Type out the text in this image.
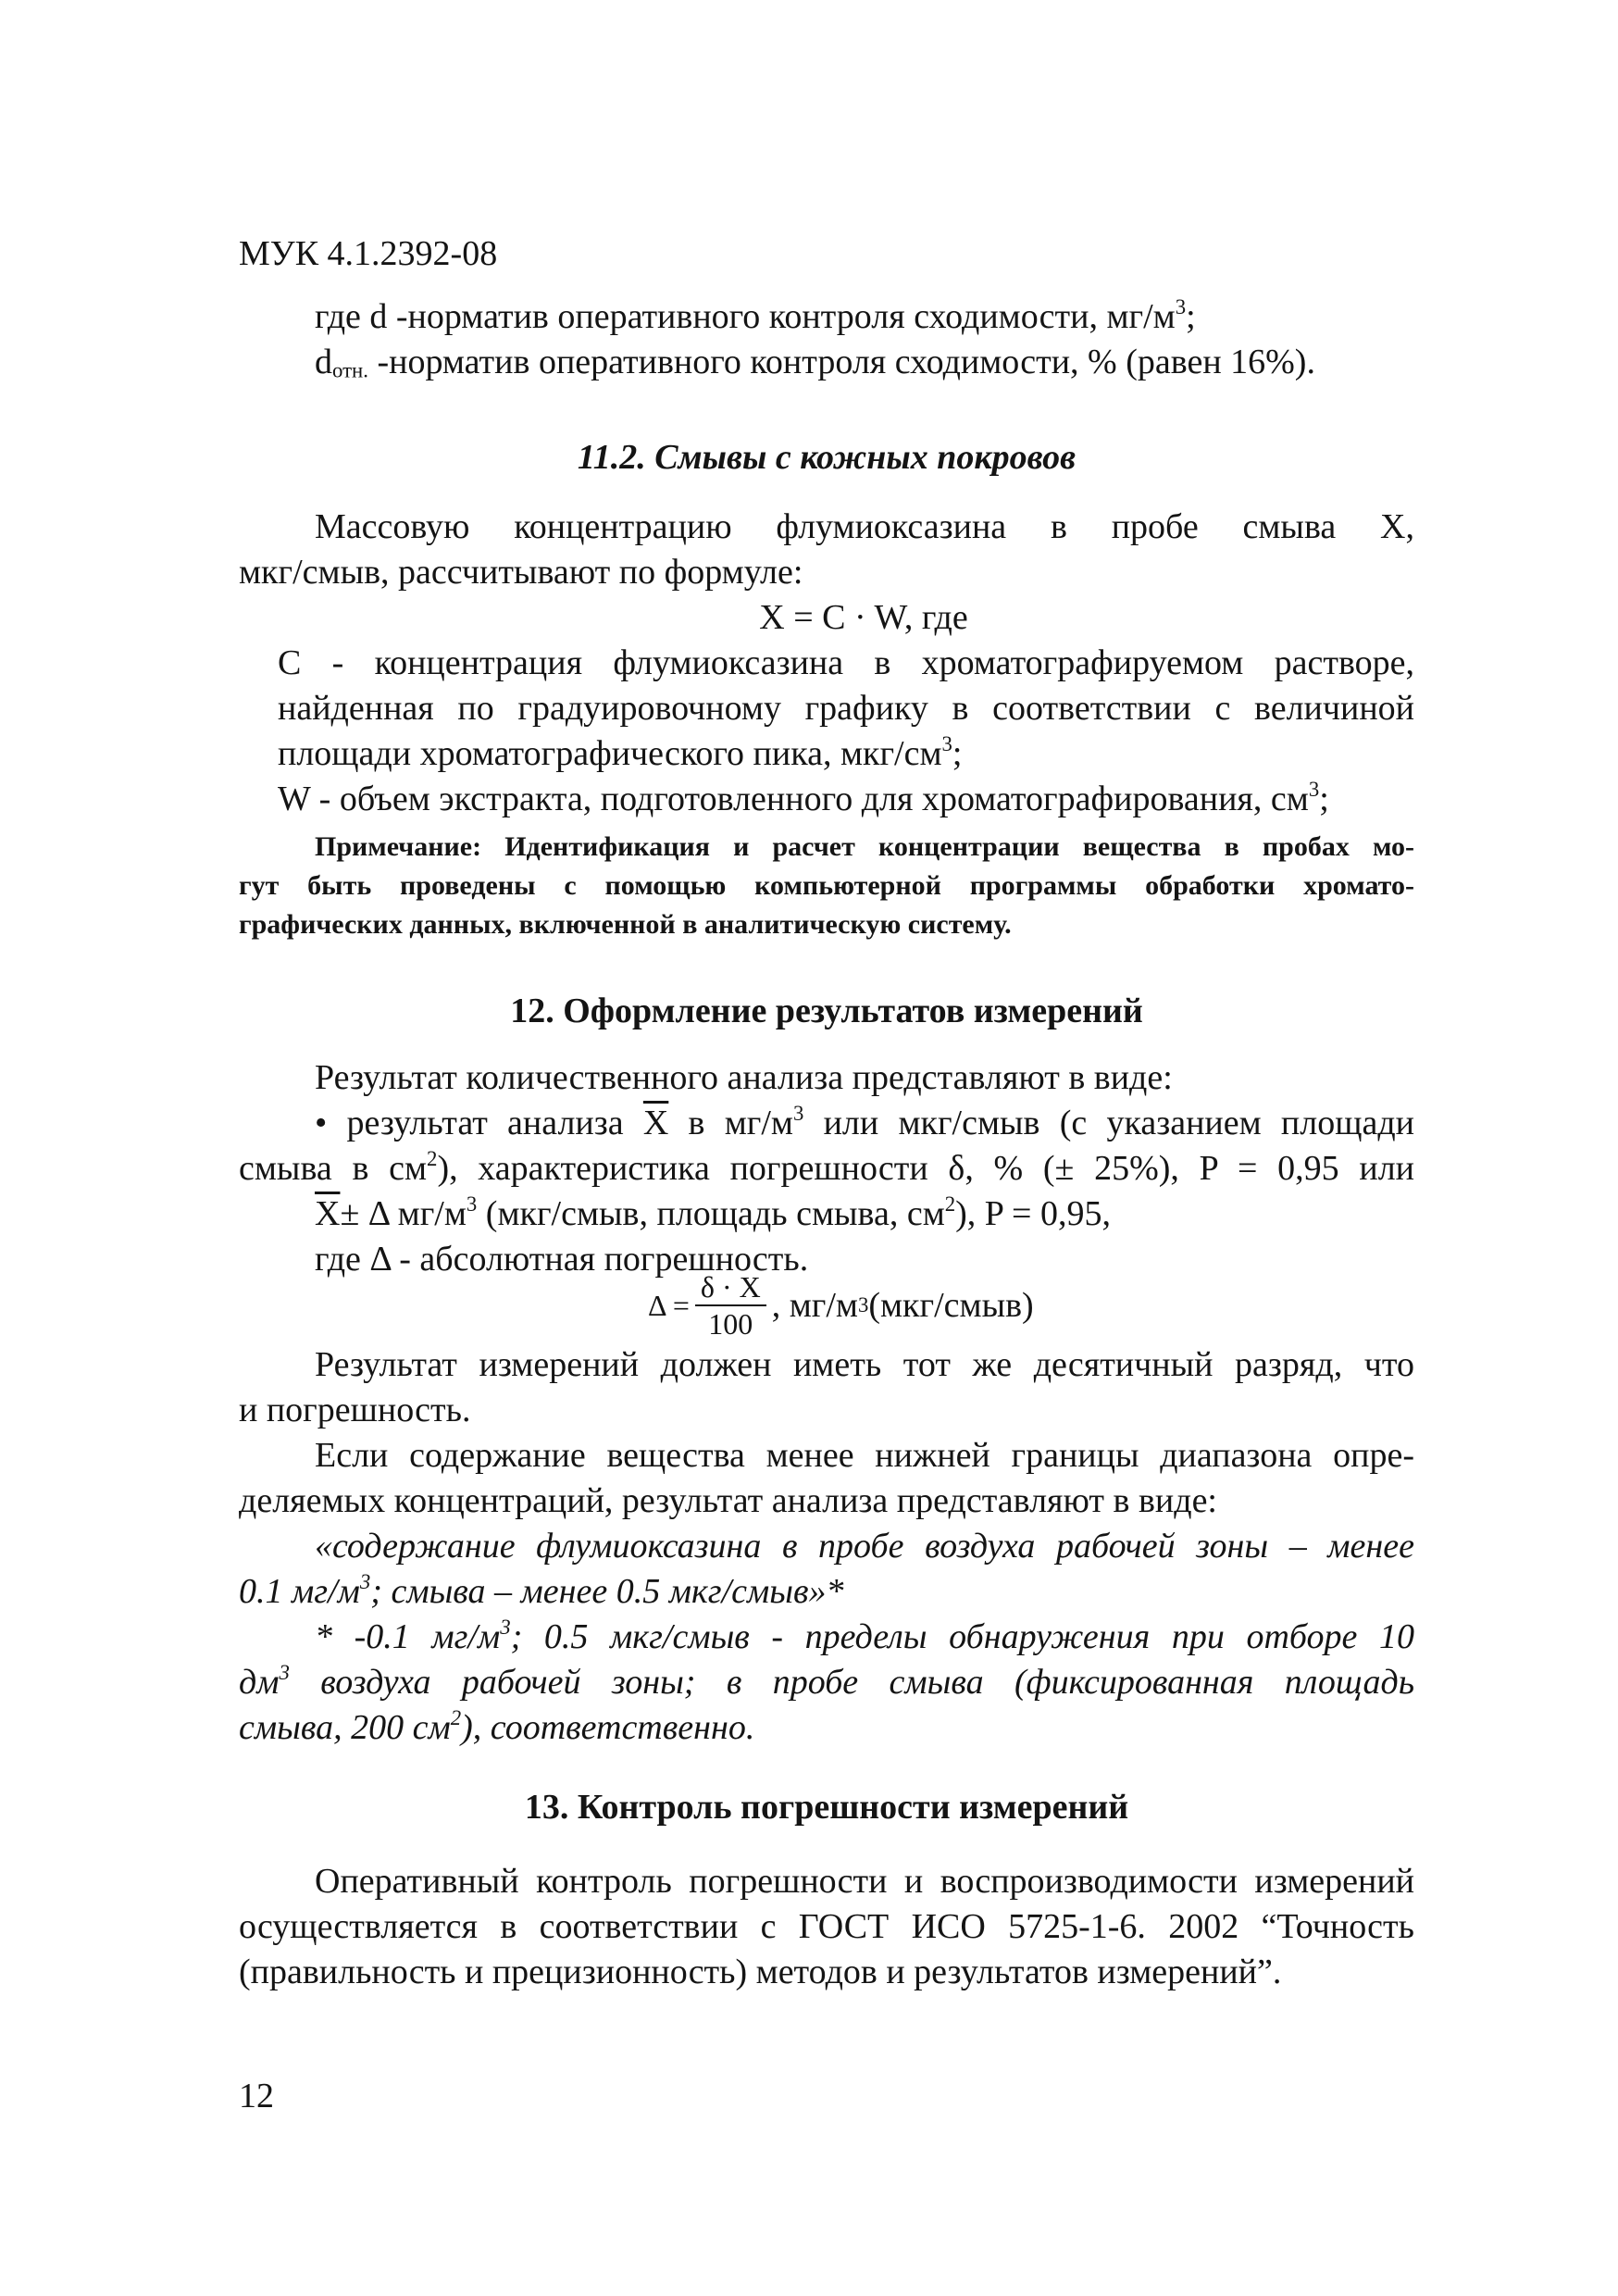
МУК 4.1.2392-08
где d -норматив оперативного контроля сходимости, $мг/м^3$;
$d_{отн.}$ -норматив оперативного контроля сходимости, % (равен 16%).
11.2. Смывы с кожных покровов
Массовую концентрацию флумиоксазина в пробе смыва X,
мкг/смыв, рассчитывают по формуле:
X = C · W, где
C - концентрация флумиоксазина в хроматографируемом растворе,
найденная по градуировочному графику в соответствии с величиной
площади хроматографического пика, мкг/$см^3$;
W - объем экстракта, подготовленного для хроматографирования, $см^3$;
Примечание: Идентификация и расчет концентрации вещества в пробах мо-
гут быть проведены с помощью компьютерной программы обработки хромато-
графических данных, включенной в аналитическую систему.
12. Оформление результатов измерений
Результат количественного анализа представляют в виде:
• результат анализа $\overline{X}$ в $мг/м^3$ или мкг/смыв (с указанием площади
смыва в $см^2$), характеристика погрешности δ, % (± 25%), P = 0,95 или
$\overline{X}\pm \Delta$ $мг/м^3$ (мкг/смыв, площадь смыва, $см^2$), P = 0,95,
где Δ - абсолютная погрешность.
$\Delta = \frac{\delta \cdot X}{100}$ , мг/м 3 (мкг/смыв)
Результат измерений должен иметь тот же десятичный разряд, что
и погрешность.
Если содержание вещества менее нижней границы диапазона опре-
деляемых концентраций, результат анализа представляют в виде:
«содержание флумиоксазина в пробе воздуха рабочей зоны – менее
0.1 $мг/м^3$; смыва – менее 0.5 мкг/смыв»*
* -0.1 $мг/м^3$; 0.5 мкг/смыв - пределы обнаружения при отборе 10
$дм^3$ воздуха рабочей зоны; в пробе смыва (фиксированная площадь
смыва, 200 $см^2$), соответственно.
13. Контроль погрешности измерений
Оперативный контроль погрешности и воспроизводимости измерений
осуществляется в соответствии с ГОСТ ИСО 5725-1-6. 2002 “Точность
(правильность и прецизионность) методов и результатов измерений”.
12
